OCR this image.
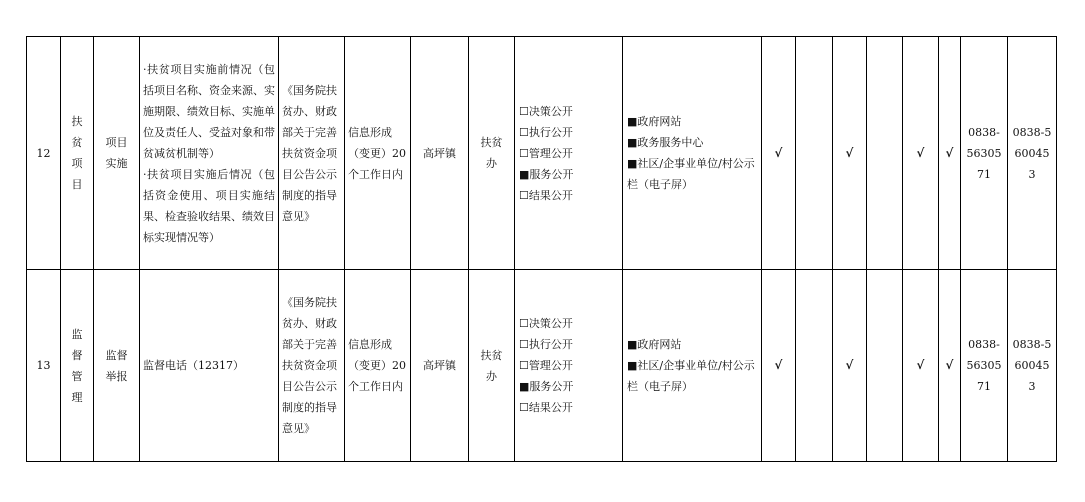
12	扶贫项目	项目实施	·扶贫项目实施前情况（包括项目名称、资金来源、实施期限、绩效目标、实施单位及责任人、受益对象和带贫减贫机制等）
·扶贫项目实施后情况（包括资金使用、项目实施结果、检查验收结果、绩效目标实现情况等）	《国务院扶贫办、财政部关于完善扶贫资金项目公告公示制度的指导意见》	信息形成（变更）20个工作日内	高坪镇	扶贫办	☐决策公开
☐执行公开
☐管理公开
■服务公开
☐结果公开	■政府网站
■政务服务中心
■社区/企事业单位/村公示栏（电子屏）	√		√		√	√	0838-5630571	0838-5600453
13	监督管理	监督举报	监督电话（12317）	《国务院扶贫办、财政部关于完善扶贫资金项目公告公示制度的指导意见》	信息形成（变更）20个工作日内	高坪镇	扶贫办	☐决策公开
☐执行公开
☐管理公开
■服务公开
☐结果公开	■政府网站
■社区/企事业单位/村公示栏（电子屏）	√		√		√	√	0838-5630571	0838-5600453
